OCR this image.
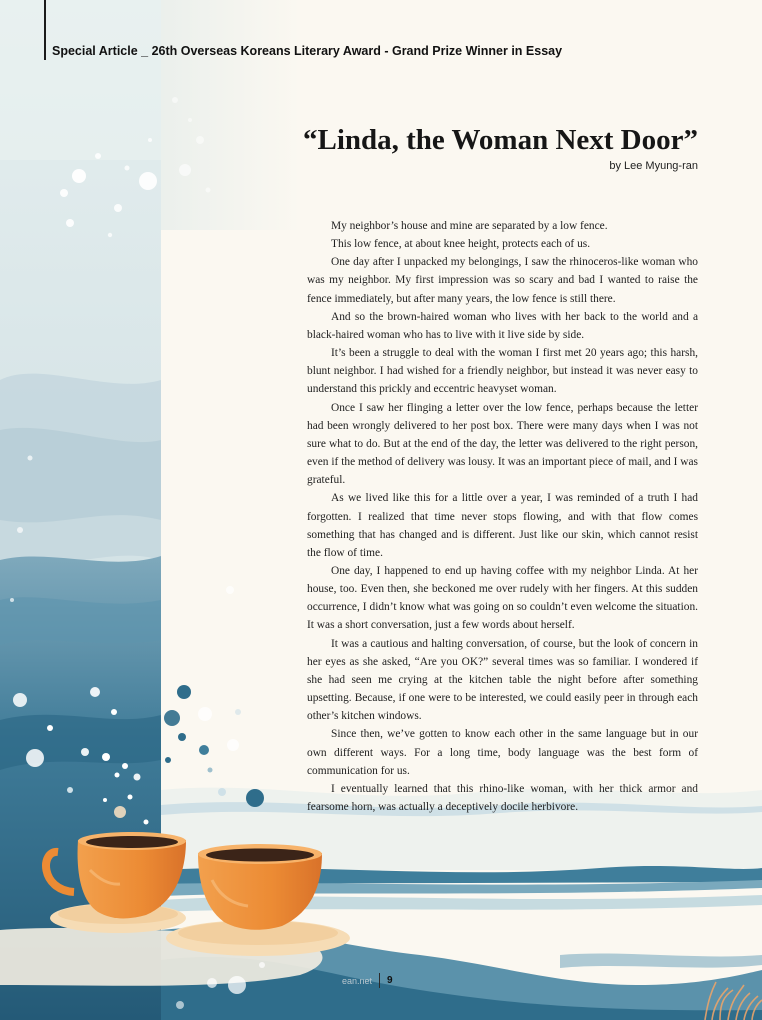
Special Article _ 26th Overseas Koreans Literary Award - Grand Prize Winner in Essay
“Linda, the Woman Next Door”
by Lee Myung-ran

My neighbor’s house and mine are separated by a low fence.

This low fence, at about knee height, protects each of us.

One day after I unpacked my belongings, I saw the rhinoceros-like woman who was my neighbor. My first impression was so scary and bad I wanted to raise the fence immediately, but after many years, the low fence is still there.

And so the brown-haired woman who lives with her back to the world and a black-haired woman who has to live with it live side by side.

It’s been a struggle to deal with the woman I first met 20 years ago; this harsh, blunt neighbor. I had wished for a friendly neighbor, but instead it was never easy to understand this prickly and eccentric heavyset woman.

Once I saw her flinging a letter over the low fence, perhaps because the letter had been wrongly delivered to her post box. There were many days when I was not sure what to do. But at the end of the day, the letter was delivered to the right person, even if the method of delivery was lousy. It was an important piece of mail, and I was grateful.

As we lived like this for a little over a year, I was reminded of a truth I had forgotten. I realized that time never stops flowing, and with that flow comes something that has changed and is different. Just like our skin, which cannot resist the flow of time.

One day, I happened to end up having coffee with my neighbor Linda. At her house, too. Even then, she beckoned me over rudely with her fingers. At this sudden occurrence, I didn’t know what was going on so couldn’t even welcome the situation. It was a short conversation, just a few words about herself.

It was a cautious and halting conversation, of course, but the look of concern in her eyes as she asked, “Are you OK?” several times was so familiar. I wondered if she had seen me crying at the kitchen table the night before after something upsetting. Because, if one were to be interested, we could easily peer in through each other’s kitchen windows.

Since then, we’ve gotten to know each other in the same language but in our own different ways. For a long time, body language was the best form of communication for us.

I eventually learned that this rhino-like woman, with her thick armor and fearsome horn, was actually a deceptively docile herbivore.

ean.net 9
